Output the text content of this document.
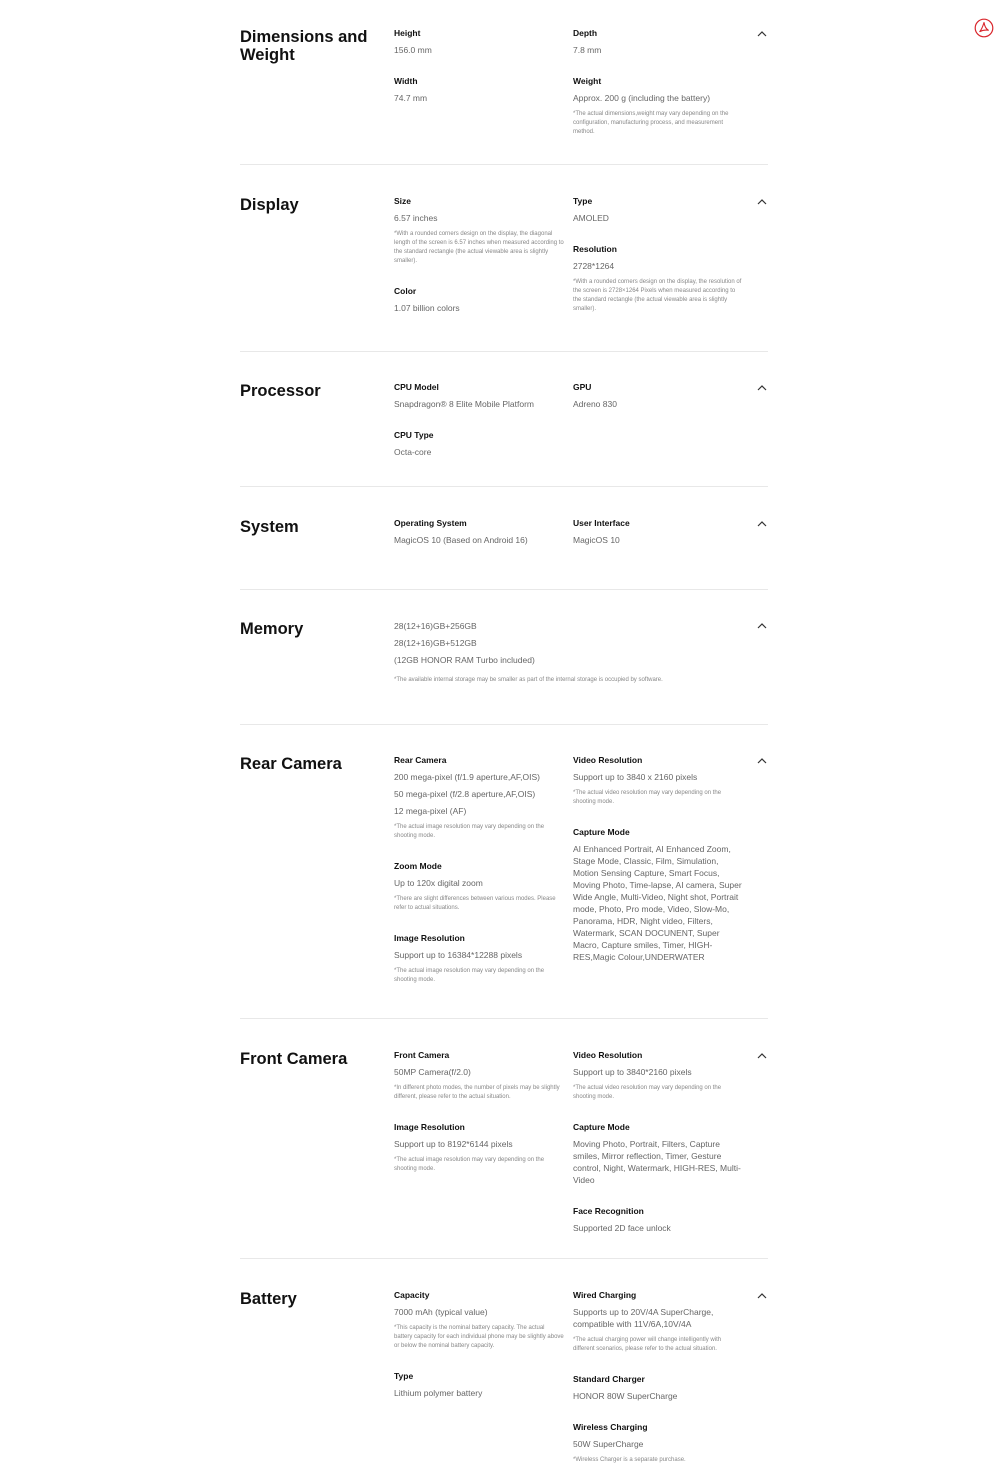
Dimensions and Weight
Height
156.0 mm
Width
74.7 mm
Depth
7.8 mm
Weight
Approx. 200 g (including the battery)
*The actual dimensions,weight may vary depending on the configuration, manufacturing process, and measurement method.
Display	Size
6.57 inches
*With a rounded corners design on the display, the diagonal length of the screen is 6.57 inches when measured according to the standard rectangle (the actual viewable area is slightly smaller).
Color
1.07 billion colors
Type
AMOLED
Resolution
2728*1264
*With a rounded corners design on the display, the resolution of the screen is 2728×1264 Pixels when measured according to the standard rectangle (the actual viewable area is slightly smaller).
Processor	CPU Model
Snapdragon® 8 Elite Mobile Platform
CPU Type
Octa-core
GPU
Adreno 830
System	Operating System
MagicOS 10 (Based on Android 16)
User Interface
MagicOS 10
Memory	28(12+16)GB+256GB
28(12+16)GB+512GB
(12GB HONOR RAM Turbo included)
*The available internal storage may be smaller as part of the internal storage is occupied by software.
Rear Camera	Rear Camera
200 mega-pixel (f/1.9 aperture,AF,OIS)
50 mega-pixel (f/2.8 aperture,AF,OIS)
12 mega-pixel (AF)
*The actual image resolution may vary depending on the shooting mode.
Zoom Mode
Up to 120x digital zoom
*There are slight differences between various modes. Please refer to actual situations.
Image Resolution
Support up to 16384*12288 pixels
*The actual image resolution may vary depending on the shooting mode.
Video Resolution
Support up to 3840 x 2160 pixels
*The actual video resolution may vary depending on the shooting mode.
Capture Mode
AI Enhanced Portrait, AI Enhanced Zoom, Stage Mode, Classic, Film, Simulation, Motion Sensing Capture, Smart Focus, Moving Photo, Time-lapse, AI camera, Super Wide Angle, Multi-Video, Night shot, Portrait mode, Photo, Pro mode, Video, Slow-Mo, Panorama, HDR, Night video, Filters, Watermark, SCAN DOCUNENT, Super Macro, Capture smiles, Timer, HIGH-RES,Magic Colour,UNDERWATER
Front Camera	Front Camera
50MP Camera(f/2.0)
*In different photo modes, the number of pixels may be slightly different, please refer to the actual situation.
Image Resolution
Support up to 8192*6144 pixels
*The actual image resolution may vary depending on the shooting mode.
Video Resolution
Support up to 3840*2160 pixels
*The actual video resolution may vary depending on the shooting mode.
Capture Mode
Moving Photo, Portrait, Filters, Capture smiles, Mirror reflection, Timer, Gesture control, Night, Watermark, HIGH-RES, Multi-Video
Face Recognition
Supported 2D face unlock
Battery	Capacity
7000 mAh (typical value)
*This capacity is the nominal battery capacity. The actual battery capacity for each individual phone may be slightly above or below the nominal battery capacity.
Type
Lithium polymer battery
Wired Charging
Supports up to 20V/4A SuperCharge, compatible with 11V/6A,10V/4A
*The actual charging power will change intelligently with different scenarios, please refer to the actual situation.
Standard Charger
HONOR 80W SuperCharge
Wireless Charging
50W SuperCharge
*Wireless Charger is a separate purchase.
